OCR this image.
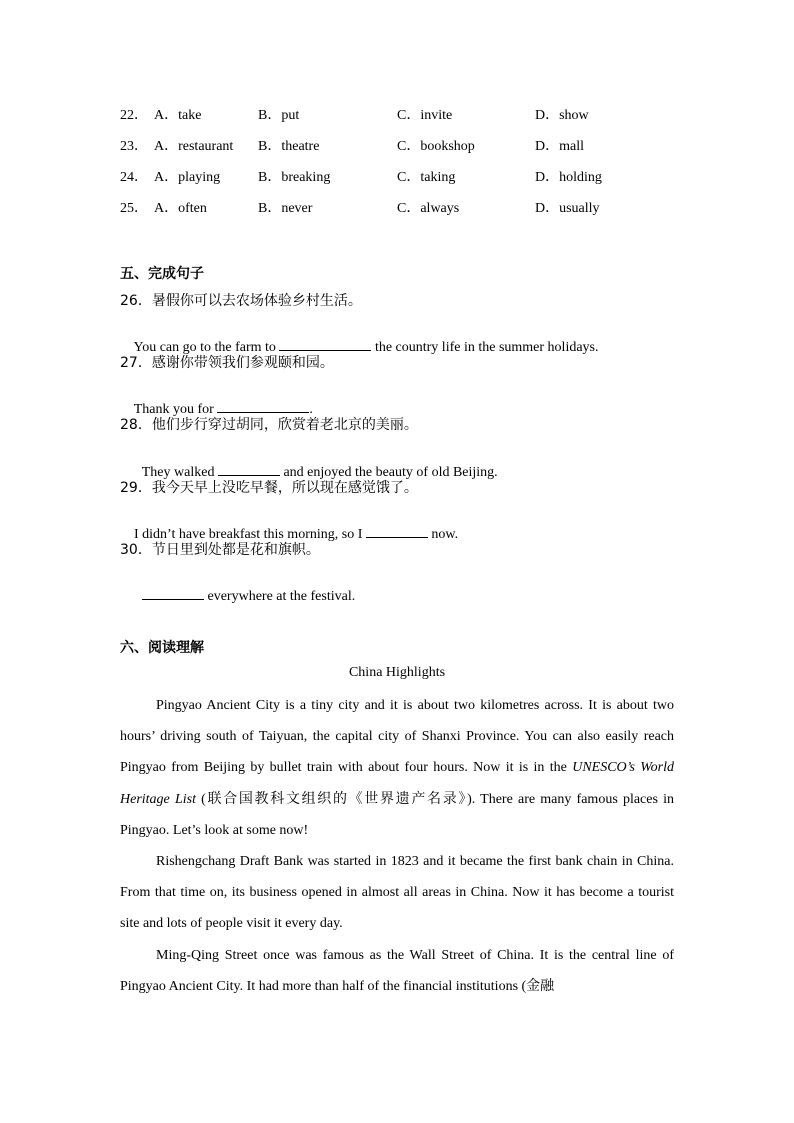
22． A．take	B．put	C．invite	D．show
23． A．restaurant B．theatre	C．bookshop	D．mall
24． A．playing	B．breaking	C．taking	D．holding
25． A．often	B．never	C．always	D．usually
五、完成句子
26．暑假你可以去农场体验乡村生活。

You can go to the farm to	the country life in the summer holidays.

27．感谢你带领我们参观颐和园。

Thank you for	.

28．他们步行穿过胡同，欣赏着老北京的美丽。

They walked	and enjoyed the beauty of old Beijing.

29．我今天早上没吃早餐，所以现在感觉饿了。

I didn’t have breakfast this morning, so I	now.

30．节日里到处都是花和旗帜。

everywhere at the festival.

六、阅读理解
China Highlights
Pingyao Ancient City is a tiny city and it is about two kilometres across. It is about two hours’ driving south of Taiyuan, the capital city of Shanxi Province. You can also easily reach Pingyao from Beijing by bullet train with about four hours. Now it is in the UNESCO’s World Heritage List (联合国教科文组织的《世界遗产名录》). There are many famous places in Pingyao. Let’s look at some now!
Rishengchang Draft Bank was started in 1823 and it became the first bank chain in China. From that time on, its business opened in almost all areas in China. Now it has become a tourist site and lots of people visit it every day.
Ming-Qing Street once was famous as the Wall Street of China. It is the central line of Pingyao Ancient City. It had more than half of the financial institutions (金融
